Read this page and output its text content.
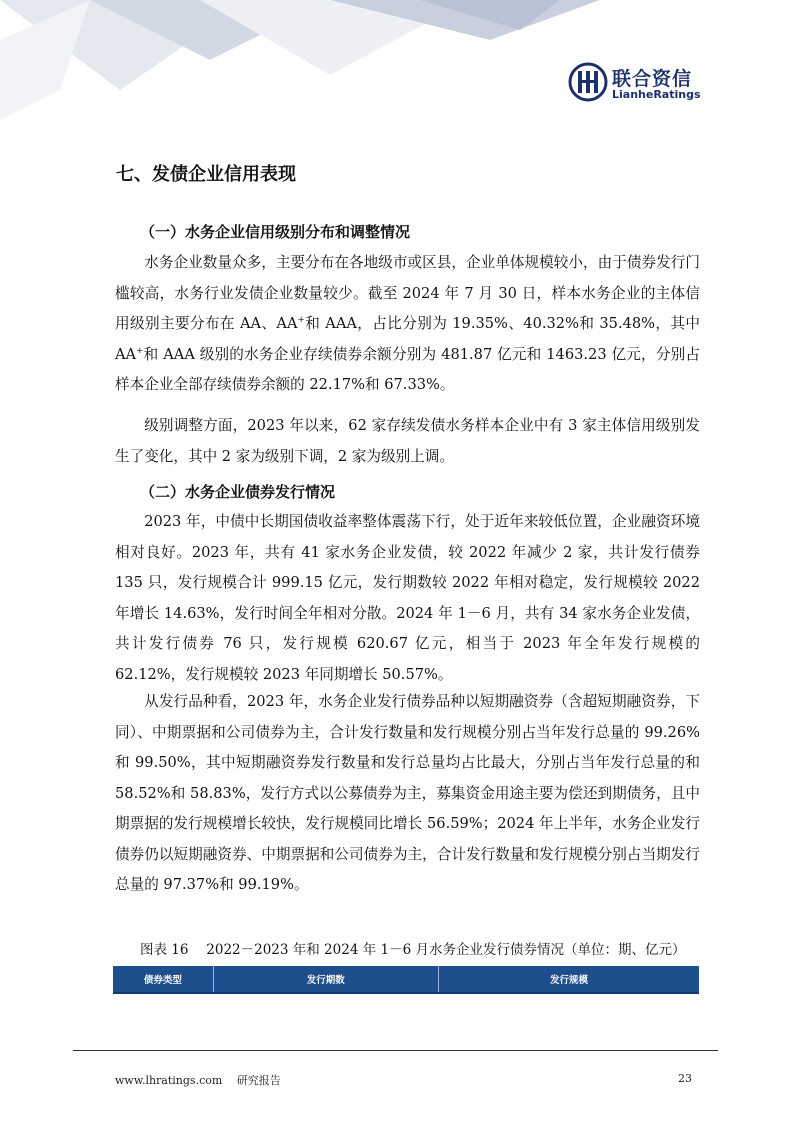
联合资信
LianheRatings
七、发债企业信用表现
（一）水务企业信用级别分布和调整情况

水务企业数量众多，主要分布在各地级市或区县，企业单体规模较小，由于债券发行门槛较高，水务行业发债企业数量较少。截至 2024 年 7 月 30 日，样本水务企业的主体信用级别主要分布在 AA、AA+和 AAA，占比分别为 19.35%、40.32%和 35.48%，其中 AA+和 AAA 级别的水务企业存续债券余额分别为 481.87 亿元和 1463.23 亿元，分别占样本企业全部存续债券余额的 22.17%和 67.33%。

级别调整方面，2023 年以来，62 家存续发债水务样本企业中有 3 家主体信用级别发生了变化，其中 2 家为级别下调，2 家为级别上调。

（二）水务企业债券发行情况

2023 年，中债中长期国债收益率整体震荡下行，处于近年来较低位置，企业融资环境相对良好。2023 年，共有 41 家水务企业发债，较 2022 年减少 2 家，共计发行债券 135 只，发行规模合计 999.15 亿元，发行期数较 2022 年相对稳定，发行规模较 2022 年增长 14.63%，发行时间全年相对分散。2024 年 1－6 月，共有 34 家水务企业发债，共计发行债券 76 只，发行规模 620.67 亿元，相当于 2023 年全年发行规模的 62.12%，发行规模较 2023 年同期增长 50.57%。

从发行品种看，2023 年，水务企业发行债券品种以短期融资券（含超短期融资券，下同）、中期票据和公司债券为主，合计发行数量和发行规模分别占当年发行总量的 99.26%和 99.50%，其中短期融资券发行数量和发行总量均占比最大，分别占当年发行总量的和 58.52%和 58.83%，发行方式以公募债券为主，募集资金用途主要为偿还到期债务，且中期票据的发行规模增长较快，发行规模同比增长 56.59%；2024 年上半年，水务企业发行债券仍以短期融资券、中期票据和公司债券为主，合计发行数量和发行规模分别占当期发行总量的 97.37%和 99.19%。

图表 16　 2022－2023 年和 2024 年 1－6 月水务企业发行债券情况（单位：期、亿元）
债券类型	发行期数	发行规模
www.lhratings.com　 研究报告	23
